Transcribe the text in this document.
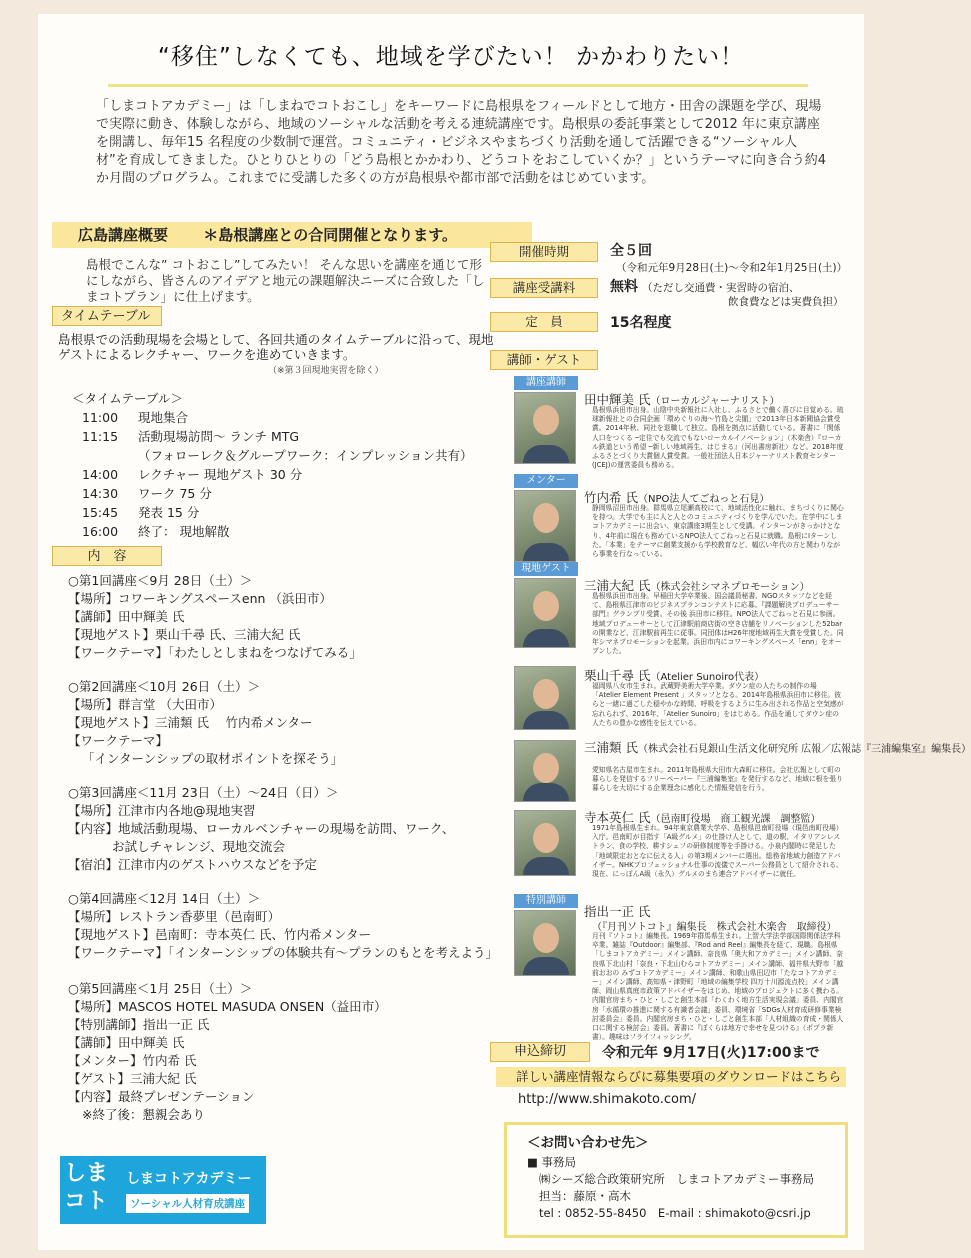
“移住”しなくても、地域を学びたい！ かかわりたい！
「しまコトアカデミー」は「しまねでコトおこし」をキーワードに島根県をフィールドとして地方・田舎の課題を学び、現場で実際に動き、体験しながら、地域のソーシャルな活動を考える連続講座です。島根県の委託事業として2012 年に東京講座を開講し、毎年15 名程度の少数制で運営。コミュニティ・ビジネスやまちづくり活動を通して活躍できる“ソーシャル人材”を育成してきました。ひとりひとりの「どう島根とかかわり、どうコトをおこしていくか？」というテーマに向き合う約4か月間のプログラム。これまでに受講した多くの方が島根県や都市部で活動をはじめています。
広島講座概要 ＊島根講座との合同開催となります。
島根でこんな” コトおこし”してみたい！ そんな思いを講座を通じて形にしながら、皆さんのアイデアと地元の課題解決ニーズに合致した「しまコトプラン」に仕上げます。
タイムテーブル
島根県での活動現場を会場として、各回共通のタイムテーブルに沿って、現地ゲストによるレクチャー、ワークを進めていきます。
（※第３回現地実習を除く）
＜タイムテーブル＞
11:00 現地集合
11:15 活動現場訪問〜 ランチ MTG
（フォローレク＆グループワーク：インプレッション共有）
14:00 レクチャー 現地ゲスト 30 分
14:30 ワーク 75 分
15:45 発表 15 分
16:00 終了： 現地解散
内　容
○第1回講座＜9月 28日（土）＞
【場所】コワーキングスペースenn （浜田市）
【講師】田中輝美 氏
【現地ゲスト】栗山千尋 氏、三浦大紀 氏
【ワークテーマ】「わたしとしまねをつなげてみる」
○第2回講座＜10月 26日（土）＞
【場所】群言堂 （大田市）
【現地ゲスト】三浦類 氏　 竹内希メンター
【ワークテーマ】
「インターンシップの取材ポイントを探そう」
○第3回講座＜11月 23日（土）〜24日（日）＞
【場所】江津市内各地@現地実習
【内容】地域活動現場、ローカルベンチャーの現場を訪問、ワーク、
お試しチャレンジ、現地交流会
【宿泊】江津市内のゲストハウスなどを予定
○第4回講座＜12月 14日（土）＞
【場所】レストラン香夢里（邑南町）
【現地ゲスト】邑南町：寺本英仁 氏、竹内希メンター
【ワークテーマ】「インターンシップの体験共有〜プランのもとを考えよう」
○第5回講座＜1月 25日（土）＞
【場所】MASCOS HOTEL MASUDA ONSEN（益田市）
【特別講師】指出一正 氏
【講師】田中輝美 氏
【メンター】竹内希 氏
【ゲスト】三浦大紀 氏
【内容】最終プレゼンテーション
※終了後：懇親会あり
開催時期	全５回
（令和元年9月28日(土)〜令和2年1月25日(土)）
講座受講料	無料 （ただし交通費・実習時の宿泊、
飲食費などは実費負担）
定　員	15名程度
講師・ゲスト
講座講師
田中輝美 氏（ローカルジャーナリスト）
島根県浜田市出身。山陰中央新報社に入社し、ふるさとで働く喜びに目覚める。琉球新報社との合同企画「環めぐりの海〜竹島と尖閣」で2013年日本新聞協会賞受賞。2014年秋、同社を退職して独立。島根を拠点に活動している。著書に「関係人口をつくる ─定住でも交流でもないローカルイノベーション」（木楽舎）『ローカル鉄道という希望 ─新しい地域再生、はじまる』（河出書房新社）など。2018年度ふるさとづくり大賞個人賞受賞。一般社団法人日本ジャーナリスト教育センター(JCEJ)の運営委員も務める。
メンター
竹内希 氏（NPO法人てごねっと石見）
静岡県沼田市出身。群馬県立尾瀬高校にて、地域活性化に触れ、まちづくりに関心を持つ。大学でも主に人と人とのコミュニティづくりを学んでいた。在学中にしまコトアカデミーに出会い、東京講座3期生として受講。インターンがきっかけとなり、4年前に現在も務めているNPO法人てごねっと石見に就職。島根にIターンした。「本業」をテーマに創業支援から学校教育など、幅広い年代の方と関わりながら事業を行なっている。
現地ゲスト
三浦大紀 氏（株式会社シマネプロモーション）
島根県浜田市出身。早稲田大学卒業後、国会議員秘書、NGOスタッフなどを経て、島根県江津市のビジネスプランコンテストに応募。『課題解決プロデューサー部門』グランプリ受賞。その後 浜田市に移住。NPO法人てごねっと石見に参画。地域プロデューサーとして江津駅前商店街の空き店舗をリノベーションした52bar の開業など、江津駅前再生に従事。同団体はH26年度地域再生大賞を受賞した。同年シマネプロモーションを起業。浜田市内にコワーキングスペース「enn」をオープンした。
栗山千尋 氏（Atelier Sunoiro代表）
福岡県八女市生まれ。武蔵野美術大学卒業。ダウン症の人たちの制作の場「Atelier Element Present 」スタッフとなる。2014年島根県浜田市に移住。彼らと一緒に過ごした穏やかな時間、呼吸をするように生み出される作品と空気感が忘れられず、2016年、「Atelier Sunoiro」をはじめる。作品を通してダウン症の人たちの豊かな感性を伝えている。
三浦類 氏（株式会社石見銀山生活文化研究所 広報／広報誌『三浦編集室』編集長）
愛知県名古屋市生まれ。2011年島根県大田市大森町に移住。会社広報として町の暮らしを発信するフリーペーパー『三浦編集室』を発行するなど、地域に根を張り暮らしを大切にする企業理念に感化した情報発信を行う。
寺本英仁 氏（邑南町役場　商工観光課　調整監）
1971年島根県生まれ。94年東京農業大学卒、島根県邑南町役場（現邑南町役場）入庁。邑南町が目指す「A級グルメ」の仕掛け人として、道の駅、イタリアンレストラン、食の学校、耕すシェフの研修制度等を手掛ける。小泉内閣時に発足した「地域限定おとなに伝える人」の第3期メンバーに選出。総務省地域力創造アドバイザー。NHKプロフェッショナル仕事の流儀でスーパー公務員として紹介される。現在、にっぽんA級（永久）グルメのまち連合アドバイザーに就任。
特別講師
指出一正 氏
（『月刊ソトコト』編集長　株式会社木楽舎　取締役）
月刊『ソトコト』編集長。1969年群馬県生まれ。上智大学法学部国際関係法学科卒業。雑誌『Outdoor』編集部、『Rod and Reel』編集長を経て、現職。島根県「しまコトアカデミー」メイン講師、奈良県「奥大和アカデミー」メイン講師、奈良県下北山村「奈良・下北山むらコトアカデミー」メイン講師、福井県大野市「越前おおの みずコトアカデミー」メイン講師、和歌山県田辺市「たなコトアカデミー」メイン講師、高知県・津野町「地域の編集学校 四万十川源流点校」メイン講師、岡山県真庭市政策アドバイザーをはじめ、地域のプロジェクトに多く携わる。内閣官房まち・ひと・しごと創生本部「わくわく地方生活実現会議」委員、内閣官房「水循環の推進に関する有識者会議」委員、環境省「SDGs人材育成研修事業検討委員会」委員。内閣官房まち・ひと・しごと創生本部「人材組織の育成・関係人口に関する検討会」委員。著書に『ぼくらは地方で幸せを見つける』（ポプラ新書）。趣味はフライフィッシング。
申込締切	令和元年 9月17日(火)17:00まで
詳しい講座情報ならびに募集要項のダウンロードはこちら
http://www.shimakoto.com/
＜お問い合わせ先＞
■ 事務局
㈱シーズ総合政策研究所　しまコトアカデミー事務局
担当：藤原・高木
tel : 0852-55-8450　E-mail : shimakoto@csri.jp
しま コト
しまコトアカデミー
ソーシャル人材育成講座
